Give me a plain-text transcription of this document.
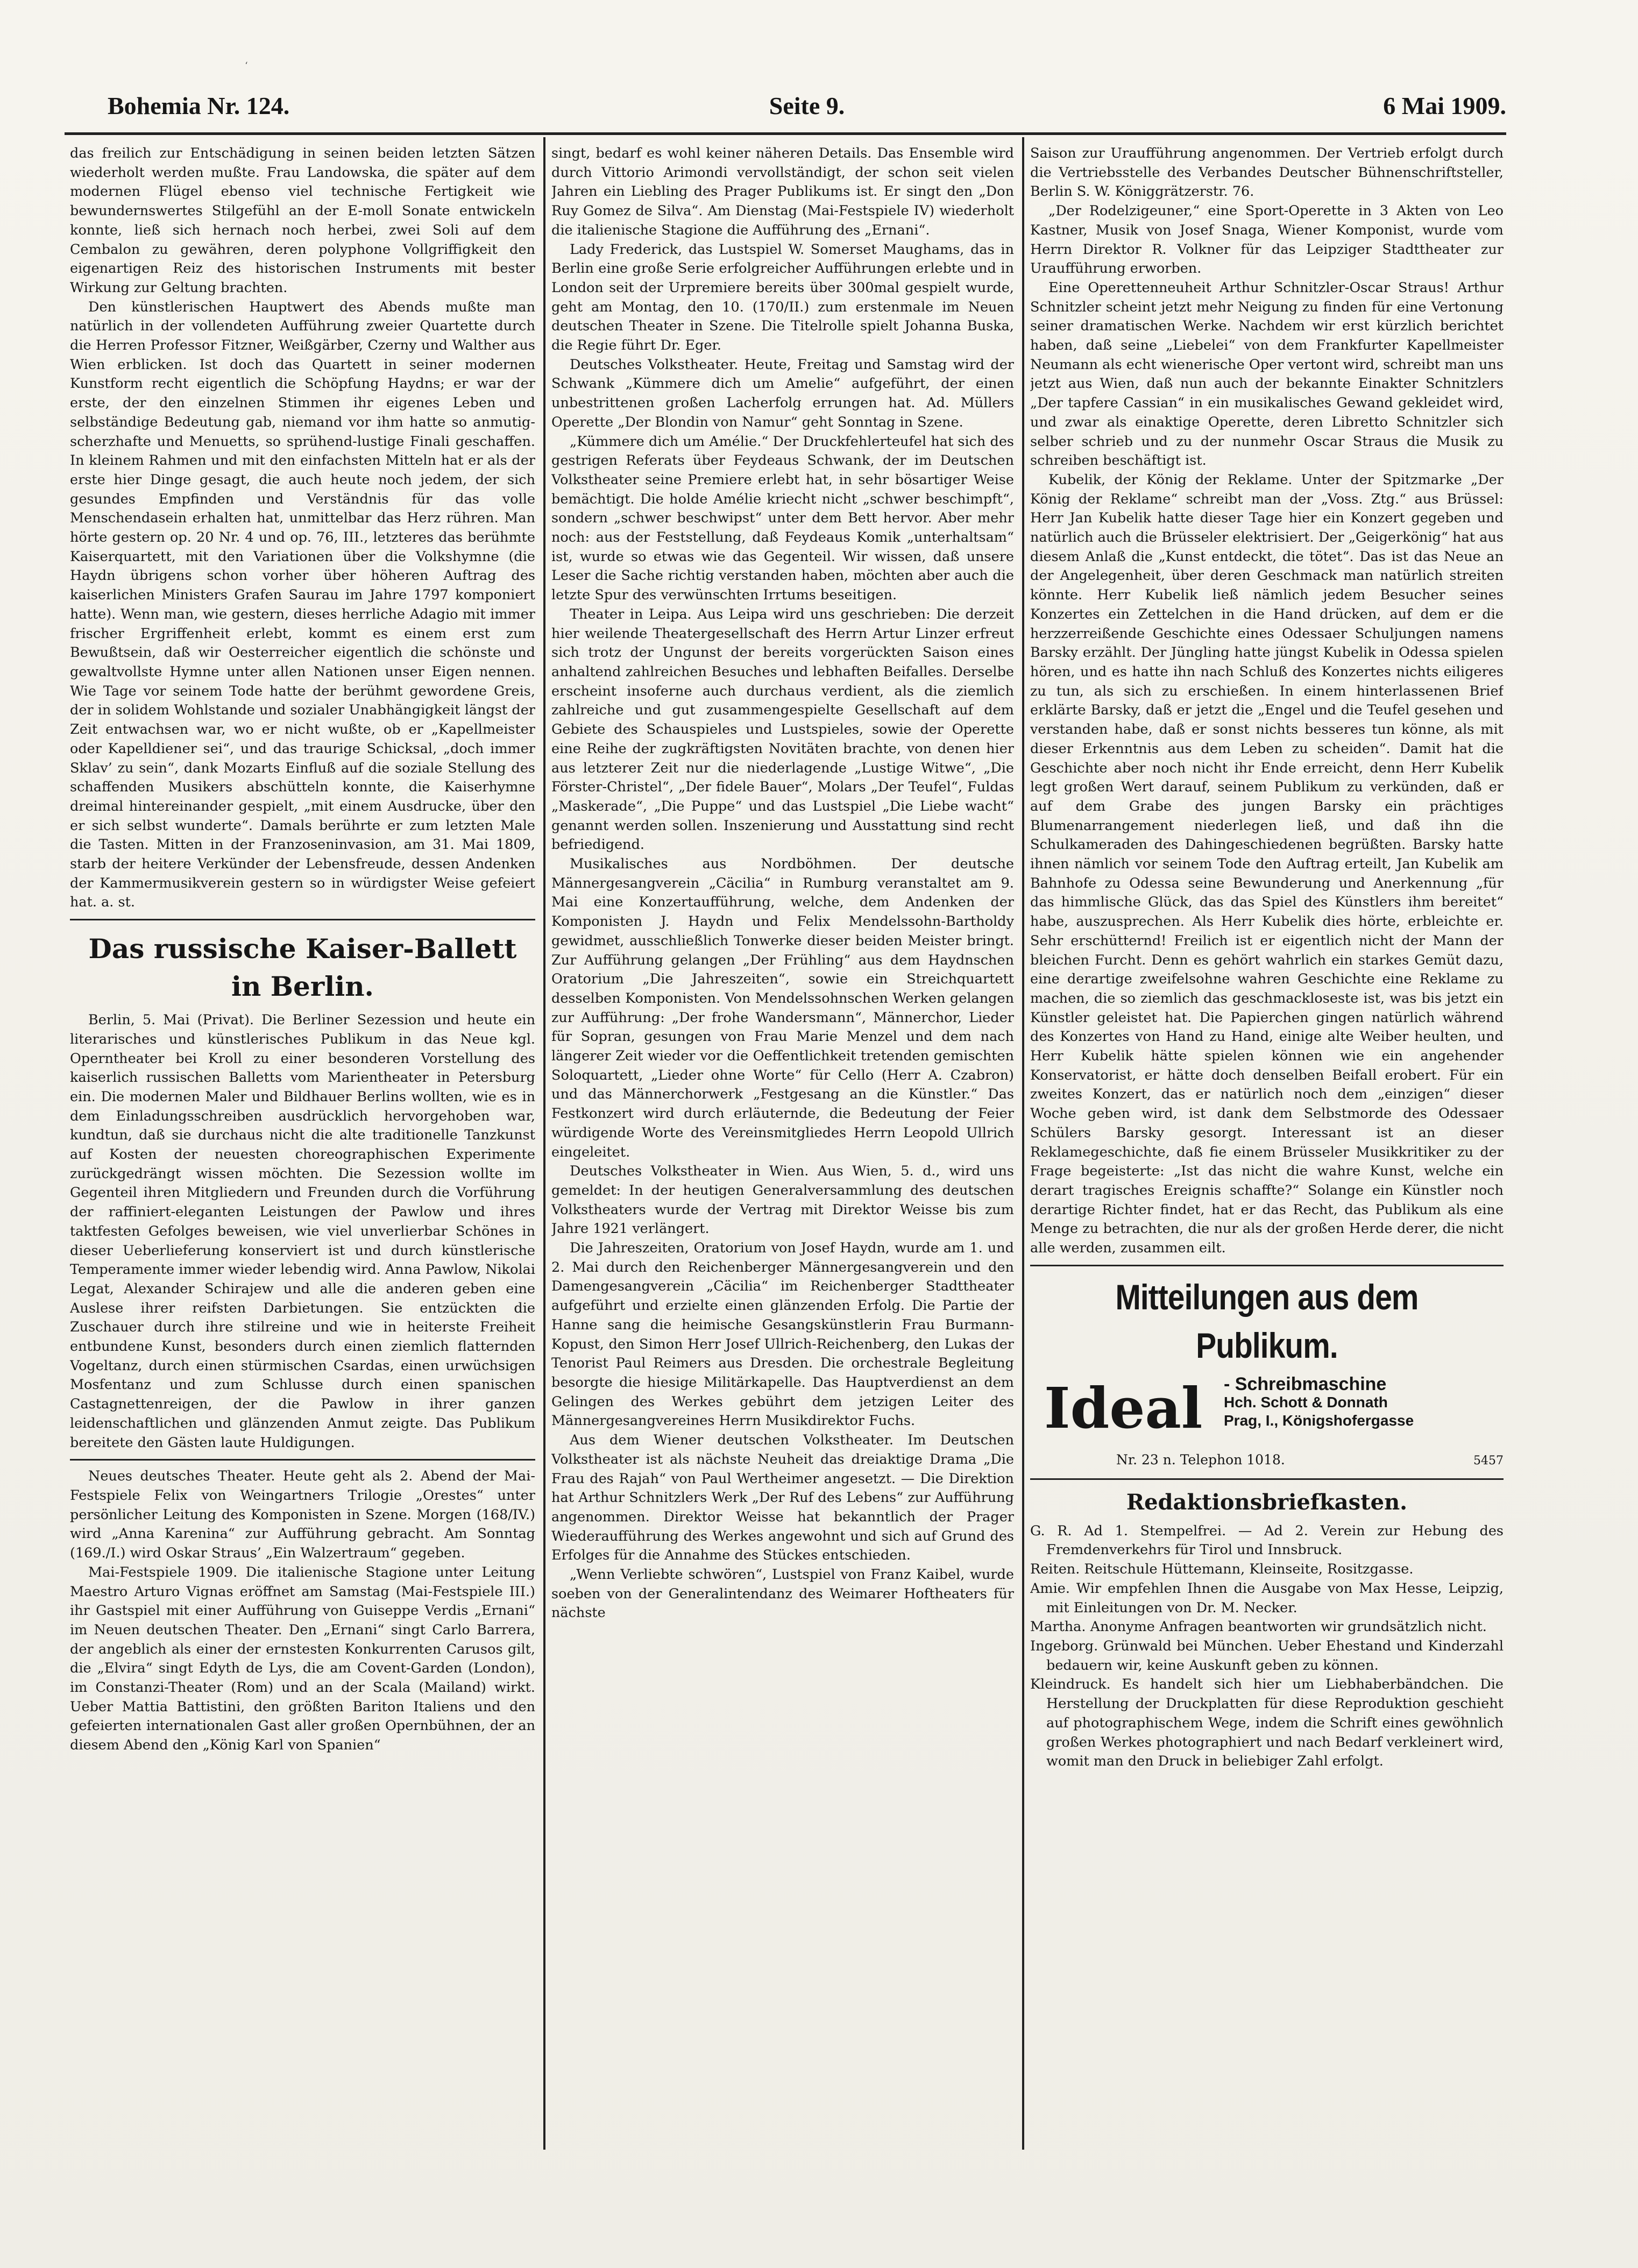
‘
Bohemia Nr. 124.	Seite 9.	6 Mai 1909.

das freilich zur Entschädigung in seinen beiden letzten Sätzen wiederholt werden mußte. Frau Landowska, die später auf dem modernen Flügel ebenso viel technische Fertigkeit wie bewundernswertes Stilgefühl an der E-moll Sonate entwickeln konnte, ließ sich hernach noch herbei, zwei Soli auf dem Cembalon zu gewähren, deren polyphone Vollgriffigkeit den eigenartigen Reiz des historischen Instruments mit bester Wirkung zur Geltung brachten.

Den künstlerischen Hauptwert des Abends mußte man natürlich in der vollendeten Aufführung zweier Quartette durch die Herren Professor Fitzner, Weißgärber, Czerny und Walther aus Wien erblicken. Ist doch das Quartett in seiner modernen Kunstform recht eigentlich die Schöpfung Haydns; er war der erste, der den einzelnen Stimmen ihr eigenes Leben und selbständige Bedeutung gab, niemand vor ihm hatte so anmutig-scherzhafte und Menuetts, so sprühend-lustige Finali geschaffen. In kleinem Rahmen und mit den einfachsten Mitteln hat er als der erste hier Dinge gesagt, die auch heute noch jedem, der sich gesundes Empfinden und Verständnis für das volle Menschendasein erhalten hat, unmittelbar das Herz rühren. Man hörte gestern op. 20 Nr. 4 und op. 76, III., letzteres das berühmte Kaiserquartett, mit den Variationen über die Volkshymne (die Haydn übrigens schon vorher über höheren Auftrag des kaiserlichen Ministers Grafen Saurau im Jahre 1797 komponiert hatte). Wenn man, wie gestern, dieses herrliche Adagio mit immer frischer Ergriffenheit erlebt, kommt es einem erst zum Bewußtsein, daß wir Oesterreicher eigentlich die schönste und gewaltvollste Hymne unter allen Nationen unser Eigen nennen. Wie Tage vor seinem Tode hatte der berühmt gewordene Greis, der in solidem Wohlstande und sozialer Unabhängigkeit längst der Zeit entwachsen war, wo er nicht wußte, ob er „Kapellmeister oder Kapelldiener sei“, und das traurige Schicksal, „doch immer Sklav’ zu sein“, dank Mozarts Einfluß auf die soziale Stellung des schaffenden Musikers abschütteln konnte, die Kaiserhymne dreimal hintereinander gespielt, „mit einem Ausdrucke, über den er sich selbst wunderte“. Damals berührte er zum letzten Male die Tasten. Mitten in der Franzoseninvasion, am 31. Mai 1809, starb der heitere Verkünder der Lebensfreude, dessen Andenken der Kammermusikverein gestern so in würdigster Weise gefeiert hat. a. st.

Das russische Kaiser-Ballett in Berlin.

Berlin, 5. Mai (Privat). Die Berliner Sezession und heute ein literarisches und künstlerisches Publikum in das Neue kgl. Operntheater bei Kroll zu einer besonderen Vorstellung des kaiserlich russischen Balletts vom Marientheater in Petersburg ein. Die modernen Maler und Bildhauer Berlins wollten, wie es in dem Einladungsschreiben ausdrücklich hervorgehoben war, kundtun, daß sie durchaus nicht die alte traditionelle Tanzkunst auf Kosten der neuesten choreographischen Experimente zurückgedrängt wissen möchten. Die Sezession wollte im Gegenteil ihren Mitgliedern und Freunden durch die Vorführung der raffiniert-eleganten Leistungen der Pawlow und ihres taktfesten Gefolges beweisen, wie viel unverlierbar Schönes in dieser Ueberlieferung konserviert ist und durch künstlerische Temperamente immer wieder lebendig wird. Anna Pawlow, Nikolai Legat, Alexander Schirajew und alle die anderen geben eine Auslese ihrer reifsten Darbietungen. Sie entzückten die Zuschauer durch ihre stilreine und wie in heiterste Freiheit entbundene Kunst, besonders durch einen ziemlich flatternden Vogeltanz, durch einen stürmischen Csardas, einen urwüchsigen Mosfentanz und zum Schlusse durch einen spanischen Castagnettenreigen, der die Pawlow in ihrer ganzen leidenschaftlichen und glänzenden Anmut zeigte. Das Publikum bereitete den Gästen laute Huldigungen.

Neues deutsches Theater. Heute geht als 2. Abend der Mai-Festspiele Felix von Weingartners Trilogie „Orestes“ unter persönlicher Leitung des Komponisten in Szene. Morgen (168/IV.) wird „Anna Karenina“ zur Aufführung gebracht. Am Sonntag (169./I.) wird Oskar Straus’ „Ein Walzertraum“ gegeben.

Mai-Festspiele 1909. Die italienische Stagione unter Leitung Maestro Arturo Vignas eröffnet am Samstag (Mai-Festspiele III.) ihr Gastspiel mit einer Aufführung von Guiseppe Verdis „Ernani“ im Neuen deutschen Theater. Den „Ernani“ singt Carlo Barrera, der angeblich als einer der ernstesten Konkurrenten Carusos gilt, die „Elvira“ singt Edyth de Lys, die am Covent-Garden (London), im Constanzi-Theater (Rom) und an der Scala (Mailand) wirkt. Ueber Mattia Battistini, den größten Bariton Italiens und den gefeierten internationalen Gast aller großen Opernbühnen, der an diesem Abend den „König Karl von Spanien“

singt, bedarf es wohl keiner näheren Details. Das Ensemble wird durch Vittorio Arimondi vervollständigt, der schon seit vielen Jahren ein Liebling des Prager Publikums ist. Er singt den „Don Ruy Gomez de Silva“. Am Dienstag (Mai-Festspiele IV) wiederholt die italienische Stagione die Aufführung des „Ernani“.

Lady Frederick, das Lustspiel W. Somerset Maughams, das in Berlin eine große Serie erfolgreicher Aufführungen erlebte und in London seit der Urpremiere bereits über 300mal gespielt wurde, geht am Montag, den 10. (170/II.) zum erstenmale im Neuen deutschen Theater in Szene. Die Titelrolle spielt Johanna Buska, die Regie führt Dr. Eger.

Deutsches Volkstheater. Heute, Freitag und Samstag wird der Schwank „Kümmere dich um Amelie“ aufgeführt, der einen unbestrittenen großen Lacherfolg errungen hat. Ad. Müllers Operette „Der Blondin von Namur“ geht Sonntag in Szene.

„Kümmere dich um Amélie.“ Der Druckfehlerteufel hat sich des gestrigen Referats über Feydeaus Schwank, der im Deutschen Volkstheater seine Premiere erlebt hat, in sehr bösartiger Weise bemächtigt. Die holde Amélie kriecht nicht „schwer beschimpft“, sondern „schwer beschwipst“ unter dem Bett hervor. Aber mehr noch: aus der Feststellung, daß Feydeaus Komik „unterhaltsam“ ist, wurde so etwas wie das Gegenteil. Wir wissen, daß unsere Leser die Sache richtig verstanden haben, möchten aber auch die letzte Spur des verwünschten Irrtums beseitigen.

Theater in Leipa. Aus Leipa wird uns geschrieben: Die derzeit hier weilende Theatergesellschaft des Herrn Artur Linzer erfreut sich trotz der Ungunst der bereits vorgerückten Saison eines anhaltend zahlreichen Besuches und lebhaften Beifalles. Derselbe erscheint insoferne auch durchaus verdient, als die ziemlich zahlreiche und gut zusammengespielte Gesellschaft auf dem Gebiete des Schauspieles und Lustspieles, sowie der Operette eine Reihe der zugkräftigsten Novitäten brachte, von denen hier aus letzterer Zeit nur die niederlagende „Lustige Witwe“, „Die Förster-Christel“, „Der fidele Bauer“, Molars „Der Teufel“, Fuldas „Maskerade“, „Die Puppe“ und das Lustspiel „Die Liebe wacht“ genannt werden sollen. Inszenierung und Ausstattung sind recht befriedigend.

Musikalisches aus Nordböhmen. Der deutsche Männergesangverein „Cäcilia“ in Rumburg veranstaltet am 9. Mai eine Konzertaufführung, welche, dem Andenken der Komponisten J. Haydn und Felix Mendelssohn-Bartholdy gewidmet, ausschließlich Tonwerke dieser beiden Meister bringt. Zur Aufführung gelangen „Der Frühling“ aus dem Haydnschen Oratorium „Die Jahreszeiten“, sowie ein Streichquartett desselben Komponisten. Von Mendelssohnschen Werken gelangen zur Aufführung: „Der frohe Wandersmann“, Männerchor, Lieder für Sopran, gesungen von Frau Marie Menzel und dem nach längerer Zeit wieder vor die Oeffentlichkeit tretenden gemischten Soloquartett, „Lieder ohne Worte“ für Cello (Herr A. Czabron) und das Männerchorwerk „Festgesang an die Künstler.“ Das Festkonzert wird durch erläuternde, die Bedeutung der Feier würdigende Worte des Vereinsmitgliedes Herrn Leopold Ullrich eingeleitet.

Deutsches Volkstheater in Wien. Aus Wien, 5. d., wird uns gemeldet: In der heutigen Generalversammlung des deutschen Volkstheaters wurde der Vertrag mit Direktor Weisse bis zum Jahre 1921 verlängert.

Die Jahreszeiten, Oratorium von Josef Haydn, wurde am 1. und 2. Mai durch den Reichenberger Männergesangverein und den Damengesangverein „Cäcilia“ im Reichenberger Stadttheater aufgeführt und erzielte einen glänzenden Erfolg. Die Partie der Hanne sang die heimische Gesangskünstlerin Frau Burmann-Kopust, den Simon Herr Josef Ullrich-Reichenberg, den Lukas der Tenorist Paul Reimers aus Dresden. Die orchestrale Begleitung besorgte die hiesige Militärkapelle. Das Hauptverdienst an dem Gelingen des Werkes gebührt dem jetzigen Leiter des Männergesangvereines Herrn Musikdirektor Fuchs.

Aus dem Wiener deutschen Volkstheater. Im Deutschen Volkstheater ist als nächste Neuheit das dreiaktige Drama „Die Frau des Rajah“ von Paul Wertheimer angesetzt. — Die Direktion hat Arthur Schnitzlers Werk „Der Ruf des Lebens“ zur Aufführung angenommen. Direktor Weisse hat bekanntlich der Prager Wiederaufführung des Werkes angewohnt und sich auf Grund des Erfolges für die Annahme des Stückes entschieden.

„Wenn Verliebte schwören“, Lustspiel von Franz Kaibel, wurde soeben von der Generalintendanz des Weimarer Hoftheaters für nächste

Saison zur Uraufführung angenommen. Der Vertrieb erfolgt durch die Vertriebsstelle des Verbandes Deutscher Bühnenschriftsteller, Berlin S. W. Königgrätzerstr. 76.

„Der Rodelzigeuner,“ eine Sport-Operette in 3 Akten von Leo Kastner, Musik von Josef Snaga, Wiener Komponist, wurde vom Herrn Direktor R. Volkner für das Leipziger Stadttheater zur Uraufführung erworben.

Eine Operettenneuheit Arthur Schnitzler-Oscar Straus! Arthur Schnitzler scheint jetzt mehr Neigung zu finden für eine Vertonung seiner dramatischen Werke. Nachdem wir erst kürzlich berichtet haben, daß seine „Liebelei“ von dem Frankfurter Kapellmeister Neumann als echt wienerische Oper vertont wird, schreibt man uns jetzt aus Wien, daß nun auch der bekannte Einakter Schnitzlers „Der tapfere Cassian“ in ein musikalisches Gewand gekleidet wird, und zwar als einaktige Operette, deren Libretto Schnitzler sich selber schrieb und zu der nunmehr Oscar Straus die Musik zu schreiben beschäftigt ist.

Kubelik, der König der Reklame. Unter der Spitzmarke „Der König der Reklame“ schreibt man der „Voss. Ztg.“ aus Brüssel: Herr Jan Kubelik hatte dieser Tage hier ein Konzert gegeben und natürlich auch die Brüsseler elektrisiert. Der „Geigerkönig“ hat aus diesem Anlaß die „Kunst entdeckt, die tötet“. Das ist das Neue an der Angelegenheit, über deren Geschmack man natürlich streiten könnte. Herr Kubelik ließ nämlich jedem Besucher seines Konzertes ein Zettelchen in die Hand drücken, auf dem er die herzzerreißende Geschichte eines Odessaer Schuljungen namens Barsky erzählt. Der Jüngling hatte jüngst Kubelik in Odessa spielen hören, und es hatte ihn nach Schluß des Konzertes nichts eiligeres zu tun, als sich zu erschießen. In einem hinterlassenen Brief erklärte Barsky, daß er jetzt die „Engel und die Teufel gesehen und verstanden habe, daß er sonst nichts besseres tun könne, als mit dieser Erkenntnis aus dem Leben zu scheiden“. Damit hat die Geschichte aber noch nicht ihr Ende erreicht, denn Herr Kubelik legt großen Wert darauf, seinem Publikum zu verkünden, daß er auf dem Grabe des jungen Barsky ein prächtiges Blumenarrangement niederlegen ließ, und daß ihn die Schulkameraden des Dahingeschiedenen begrüßten. Barsky hatte ihnen nämlich vor seinem Tode den Auftrag erteilt, Jan Kubelik am Bahnhofe zu Odessa seine Bewunderung und Anerkennung „für das himmlische Glück, das das Spiel des Künstlers ihm bereitet“ habe, auszusprechen. Als Herr Kubelik dies hörte, erbleichte er. Sehr erschütternd! Freilich ist er eigentlich nicht der Mann der bleichen Furcht. Denn es gehört wahrlich ein starkes Gemüt dazu, eine derartige zweifelsohne wahren Geschichte eine Reklame zu machen, die so ziemlich das geschmackloseste ist, was bis jetzt ein Künstler geleistet hat. Die Papierchen gingen natürlich während des Konzertes von Hand zu Hand, einige alte Weiber heulten, und Herr Kubelik hätte spielen können wie ein angehender Konservatorist, er hätte doch denselben Beifall erobert. Für ein zweites Konzert, das er natürlich noch dem „einzigen“ dieser Woche geben wird, ist dank dem Selbstmorde des Odessaer Schülers Barsky gesorgt. Interessant ist an dieser Reklamegeschichte, daß fie einem Brüsseler Musikkritiker zu der Frage begeisterte: „Ist das nicht die wahre Kunst, welche ein derart tragisches Ereignis schaffte?“ Solange ein Künstler noch derartige Richter findet, hat er das Recht, das Publikum als eine Menge zu betrachten, die nur als der großen Herde derer, die nicht alle werden, zusammen eilt.

Mitteilungen aus dem Publikum.
Ideal - Schreibmaschine
Hch. Schott & Donnath
Prag, I., Königshofergasse
Nr. 23 n. Telephon 1018.	5457
Redaktionsbriefkasten.

G. R. Ad 1. Stempelfrei. — Ad 2. Verein zur Hebung des Fremdenverkehrs für Tirol und Innsbruck.

Reiten. Reitschule Hüttemann, Kleinseite, Rositzgasse.

Amie. Wir empfehlen Ihnen die Ausgabe von Max Hesse, Leipzig, mit Einleitungen von Dr. M. Necker.

Martha. Anonyme Anfragen beantworten wir grundsätzlich nicht.

Ingeborg. Grünwald bei München. Ueber Ehestand und Kinderzahl bedauern wir, keine Auskunft geben zu können.

Kleindruck. Es handelt sich hier um Liebhaberbändchen. Die Herstellung der Druckplatten für diese Reproduktion geschieht auf photographischem Wege, indem die Schrift eines gewöhnlich großen Werkes photographiert und nach Bedarf verkleinert wird, womit man den Druck in beliebiger Zahl erfolgt.
